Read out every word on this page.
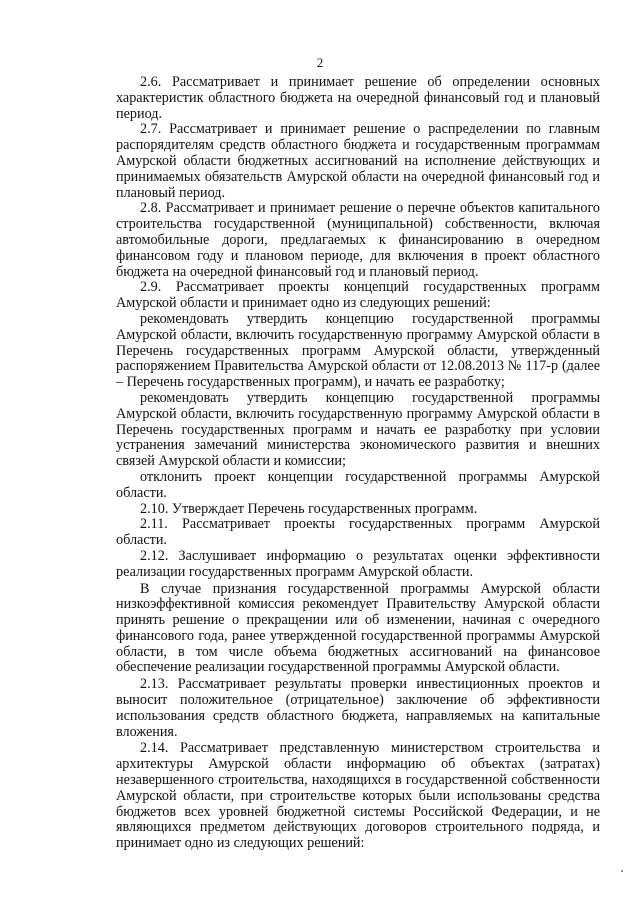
2

2.6. Рассматривает и принимает решение об определении основных характеристик областного бюджета на очередной финансовый год и плановый период.

2.7. Рассматривает и принимает решение о распределении по главным распорядителям средств областного бюджета и государственным программам Амурской области бюджетных ассигнований на исполнение действующих и принимаемых обязательств Амурской области на очередной финансовый год и плановый период.

2.8. Рассматривает и принимает решение о перечне объектов капитального строительства государственной (муниципальной) собственности, включая автомобильные дороги, предлагаемых к финансированию в очередном финансовом году и плановом периоде, для включения в проект областного бюджета на очередной финансовый год и плановый период.

2.9. Рассматривает проекты концепций государственных программ Амурской области и принимает одно из следующих решений:

рекомендовать утвердить концепцию государственной программы Амурской области, включить государственную программу Амурской области в Перечень государственных программ Амурской области, утвержденный распоряжением Правительства Амурской области от 12.08.2013 № 117-р (далее – Перечень государственных программ), и начать ее разработку;

рекомендовать утвердить концепцию государственной программы Амурской области, включить государственную программу Амурской области в Перечень государственных программ и начать ее разработку при условии устранения замечаний министерства экономического развития и внешних связей Амурской области и комиссии;

отклонить проект концепции государственной программы Амурской области.

2.10. Утверждает Перечень государственных программ.

2.11. Рассматривает проекты государственных программ Амурской области.

2.12. Заслушивает информацию о результатах оценки эффективности реализации государственных программ Амурской области.

В случае признания государственной программы Амурской области низкоэффективной комиссия рекомендует Правительству Амурской области принять решение о прекращении или об изменении, начиная с очередного финансового года, ранее утвержденной государственной программы Амурской области, в том числе объема бюджетных ассигнований на финансовое обеспечение реализации государственной программы Амурской области.

2.13. Рассматривает результаты проверки инвестиционных проектов и выносит положительное (отрицательное) заключение об эффективности использования средств областного бюджета, направляемых на капитальные вложения.

2.14. Рассматривает представленную министерством строительства и архитектуры Амурской области информацию об объектах (затратах) незавершенного строительства, находящихся в государственной собственности Амурской области, при строительстве которых были использованы средства бюджетов всех уровней бюджетной системы Российской Федерации, и не являющихся предметом действующих договоров строительного подряда, и принимает одно из следующих решений:
